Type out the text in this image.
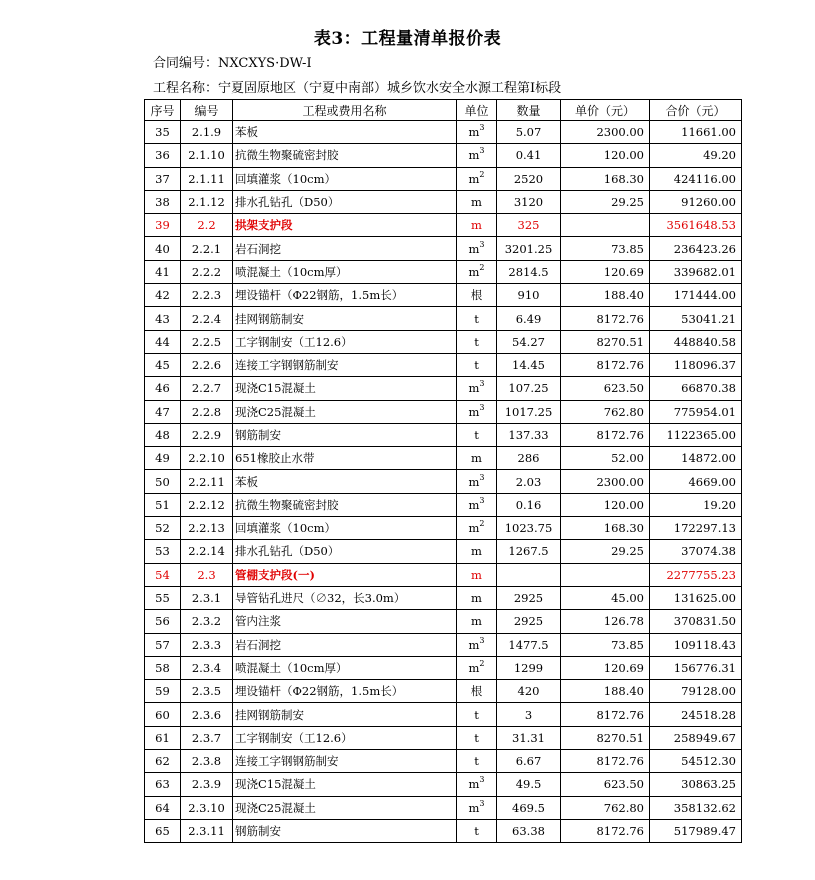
表3：工程量清单报价表
合同编号：NXCXYS·DW-Ⅰ
工程名称：宁夏固原地区（宁夏中南部）城乡饮水安全水源工程第Ⅰ标段
序号	编号	工程或费用名称	单位	数量	单价（元）	合价（元）
35	2.1.9	苯板	$m^3$	5.07	2300.00	11661.00
36	2.1.10	抗微生物聚硫密封胶	$m^3$	0.41	120.00	49.20
37	2.1.11	回填灌浆（10cm）	$m^2$	2520	168.30	424116.00
38	2.1.12	排水孔钻孔（D50）	m	3120	29.25	91260.00
39	2.2	拱架支护段	m	325		3561648.53
40	2.2.1	岩石洞挖	$m^3$	3201.25	73.85	236423.26
41	2.2.2	喷混凝土（10cm厚）	$m^2$	2814.5	120.69	339682.01
42	2.2.3	埋设锚杆（Φ22钢筋，1.5m长）	根	910	188.40	171444.00
43	2.2.4	挂网钢筋制安	t	6.49	8172.76	53041.21
44	2.2.5	工字钢制安（工12.6）	t	54.27	8270.51	448840.58
45	2.2.6	连接工字钢钢筋制安	t	14.45	8172.76	118096.37
46	2.2.7	现浇C15混凝土	$m^3$	107.25	623.50	66870.38
47	2.2.8	现浇C25混凝土	$m^3$	1017.25	762.80	775954.01
48	2.2.9	钢筋制安	t	137.33	8172.76	1122365.00
49	2.2.10	651橡胶止水带	m	286	52.00	14872.00
50	2.2.11	苯板	$m^3$	2.03	2300.00	4669.00
51	2.2.12	抗微生物聚硫密封胶	$m^3$	0.16	120.00	19.20
52	2.2.13	回填灌浆（10cm）	$m^2$	1023.75	168.30	172297.13
53	2.2.14	排水孔钻孔（D50）	m	1267.5	29.25	37074.38
54	2.3	管棚支护段(一)	m			2277755.23
55	2.3.1	导管钻孔进尺（∅32，长3.0m）	m	2925	45.00	131625.00
56	2.3.2	管内注浆	m	2925	126.78	370831.50
57	2.3.3	岩石洞挖	$m^3$	1477.5	73.85	109118.43
58	2.3.4	喷混凝土（10cm厚）	$m^2$	1299	120.69	156776.31
59	2.3.5	埋设锚杆（Φ22钢筋，1.5m长）	根	420	188.40	79128.00
60	2.3.6	挂网钢筋制安	t	3	8172.76	24518.28
61	2.3.7	工字钢制安（工12.6）	t	31.31	8270.51	258949.67
62	2.3.8	连接工字钢钢筋制安	t	6.67	8172.76	54512.30
63	2.3.9	现浇C15混凝土	$m^3$	49.5	623.50	30863.25
64	2.3.10	现浇C25混凝土	$m^3$	469.5	762.80	358132.62
65	2.3.11	钢筋制安	t	63.38	8172.76	517989.47
